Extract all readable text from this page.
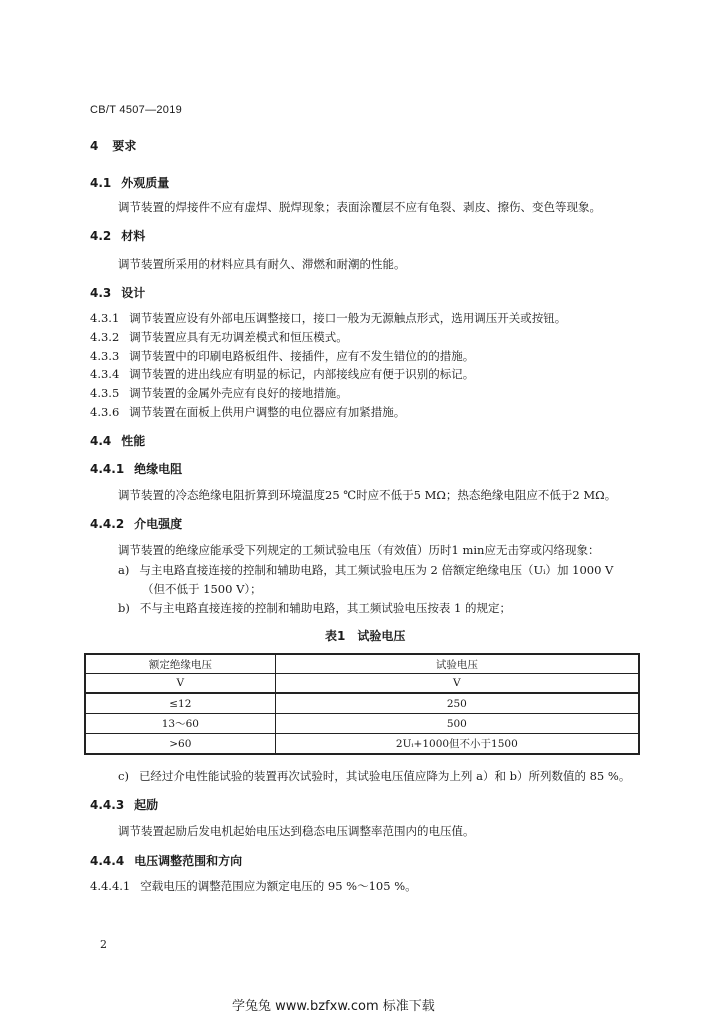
CB/T 4507—2019
4 要求
4.1 外观质量
调节装置的焊接件不应有虚焊、脱焊现象；表面涂覆层不应有龟裂、剥皮、擦伤、变色等现象。
4.2 材料
调节装置所采用的材料应具有耐久、滞燃和耐潮的性能。
4.3 设计
4.3.1 调节装置应设有外部电压调整接口，接口一般为无源触点形式，选用调压开关或按钮。
4.3.2 调节装置应具有无功调差模式和恒压模式。
4.3.3 调节装置中的印刷电路板组件、接插件，应有不发生错位的的措施。
4.3.4 调节装置的进出线应有明显的标记，内部接线应有便于识别的标记。
4.3.5 调节装置的金属外壳应有良好的接地措施。
4.3.6 调节装置在面板上供用户调整的电位器应有加紧措施。
4.4 性能
4.4.1 绝缘电阻
调节装置的冷态绝缘电阻折算到环境温度25 ℃时应不低于5 MΩ；热态绝缘电阻应不低于2 MΩ。
4.4.2 介电强度
调节装置的绝缘应能承受下列规定的工频试验电压（有效值）历时1 min应无击穿或闪络现象：
a) 与主电路直接连接的控制和辅助电路，其工频试验电压为 2 倍额定绝缘电压（Uᵢ）加 1000 V
（但不低于 1500 V）；
b) 不与主电路直接连接的控制和辅助电路，其工频试验电压按表 1 的规定；
表1　试验电压
额定绝缘电压	试验电压
V	V
≤12	250
13～60	500
>60	2Uᵢ+1000但不小于1500
c) 已经过介电性能试验的装置再次试验时，其试验电压值应降为上列 a）和 b）所列数值的 85 %。
4.4.3 起励
调节装置起励后发电机起始电压达到稳态电压调整率范围内的电压值。
4.4.4 电压调整范围和方向
4.4.4.1 空载电压的调整范围应为额定电压的 95 %～105 %。
2
学兔兔 www.bzfxw.com 标准下载
